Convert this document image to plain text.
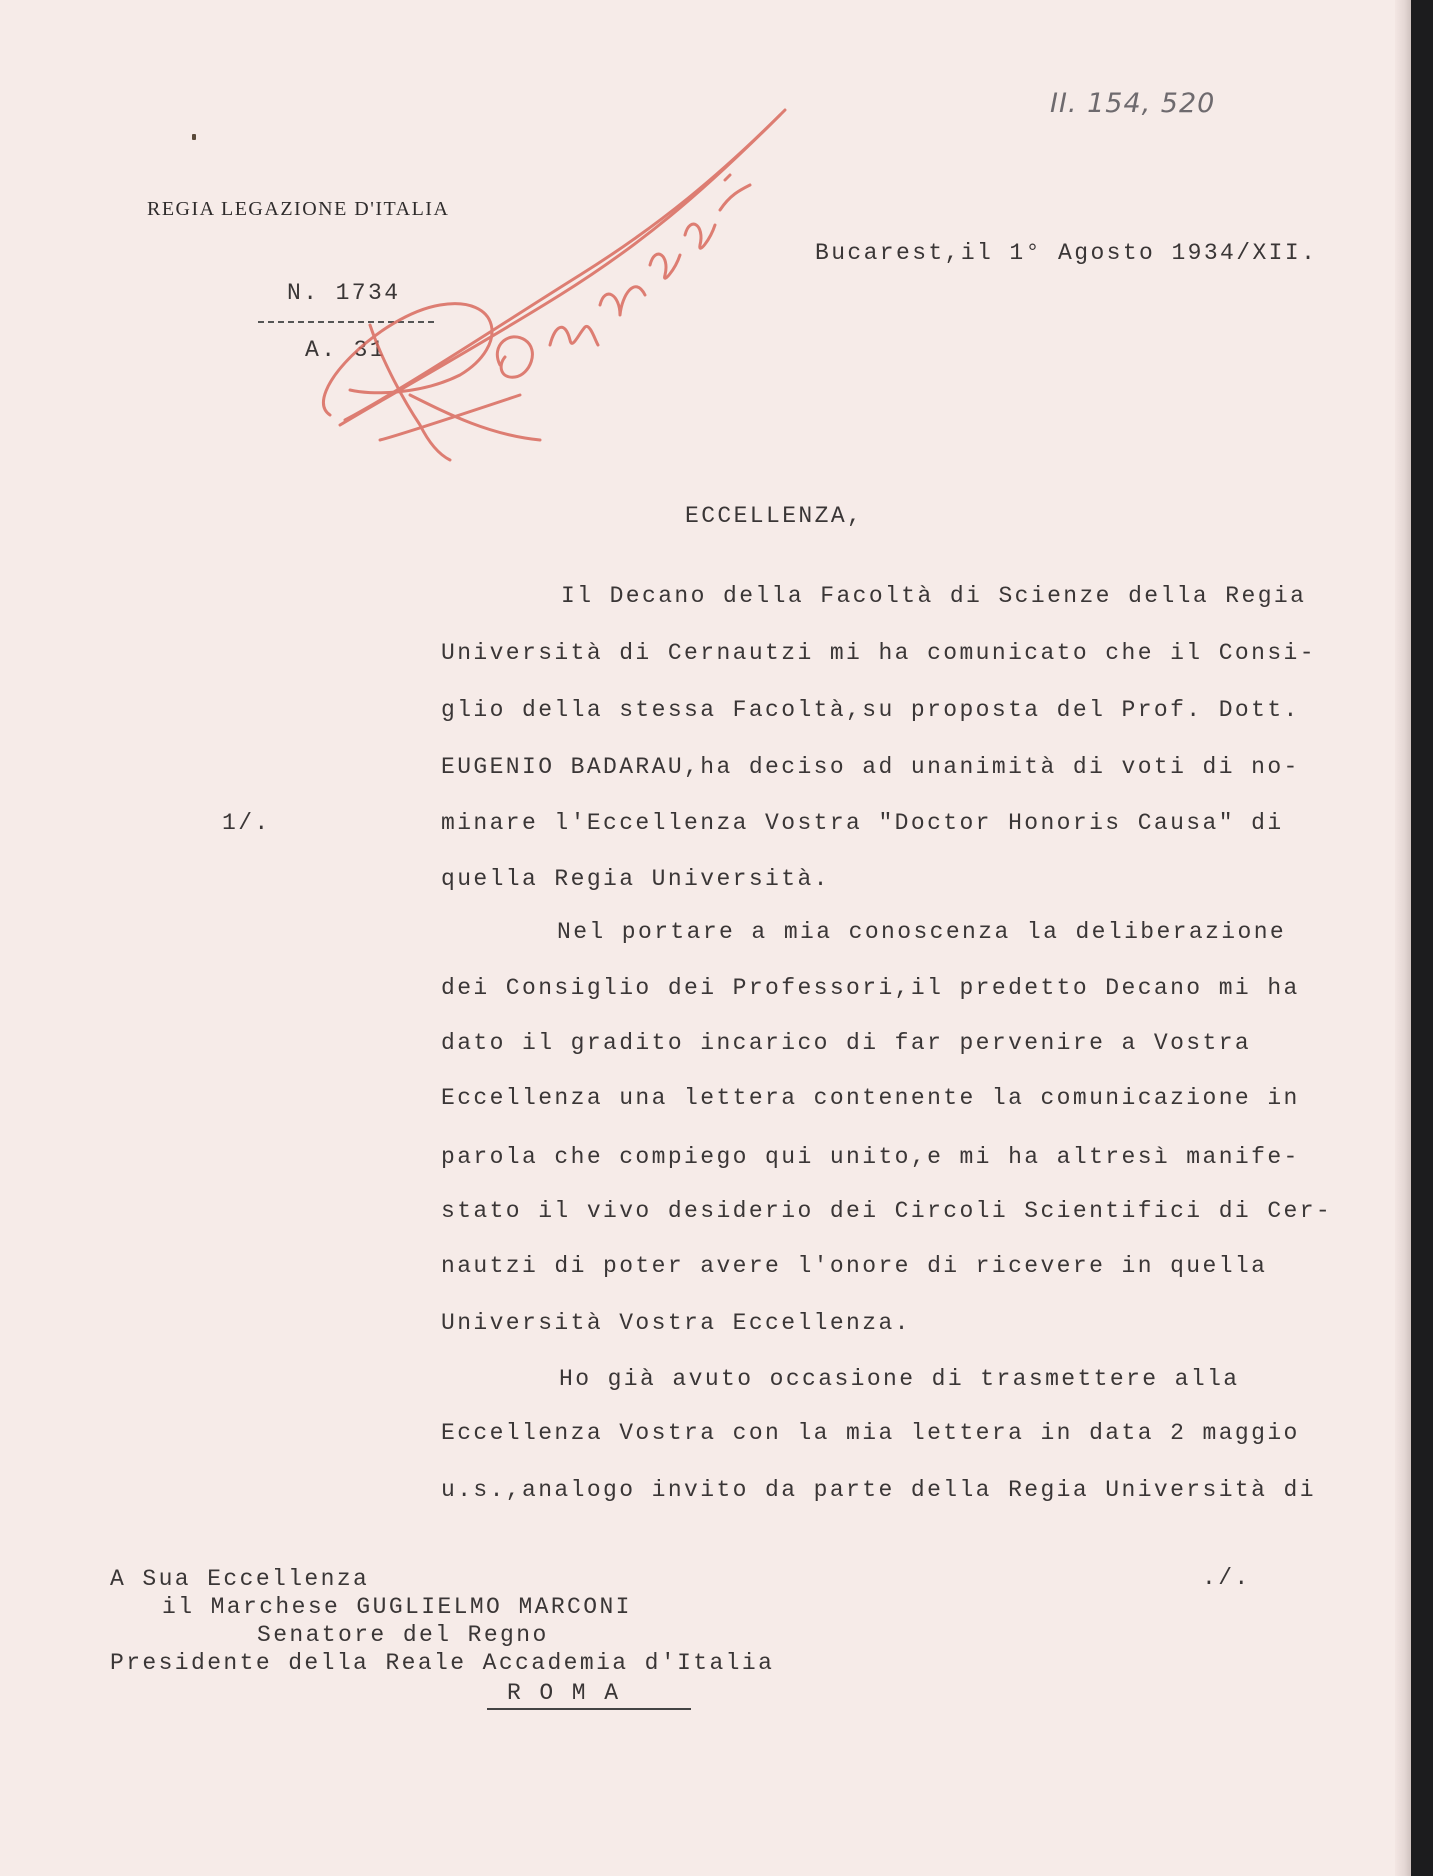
II. 154, 520
REGIA LEGAZIONE D'ITALIA
Bucarest,il 1° Agosto 1934/XII.
N. 1734
A. 31
ECCELLENZA,
1/.
Il Decano della Facoltà di Scienze della Regia
Università di Cernautzi mi ha comunicato che il Consi-
glio della stessa Facoltà,su proposta del Prof. Dott.
EUGENIO BADARAU,ha deciso ad unanimità di voti di no-
minare l'Eccellenza Vostra "Doctor Honoris Causa" di
quella Regia Università.
Nel portare a mia conoscenza la deliberazione
dei Consiglio dei Professori,il predetto Decano mi ha
dato il gradito incarico di far pervenire a Vostra
Eccellenza una lettera contenente la comunicazione in
parola che compiego qui unito,e mi ha altresì manife-
stato il vivo desiderio dei Circoli Scientifici di Cer-
nautzi di poter avere l'onore di ricevere in quella
Università Vostra Eccellenza.
Ho già avuto occasione di trasmettere alla
Eccellenza Vostra con la mia lettera in data 2 maggio
u.s.,analogo invito da parte della Regia Università di
./.
A Sua Eccellenza
il Marchese GUGLIELMO MARCONI
Senatore del Regno
Presidente della Reale Accademia d'Italia
R O M A
